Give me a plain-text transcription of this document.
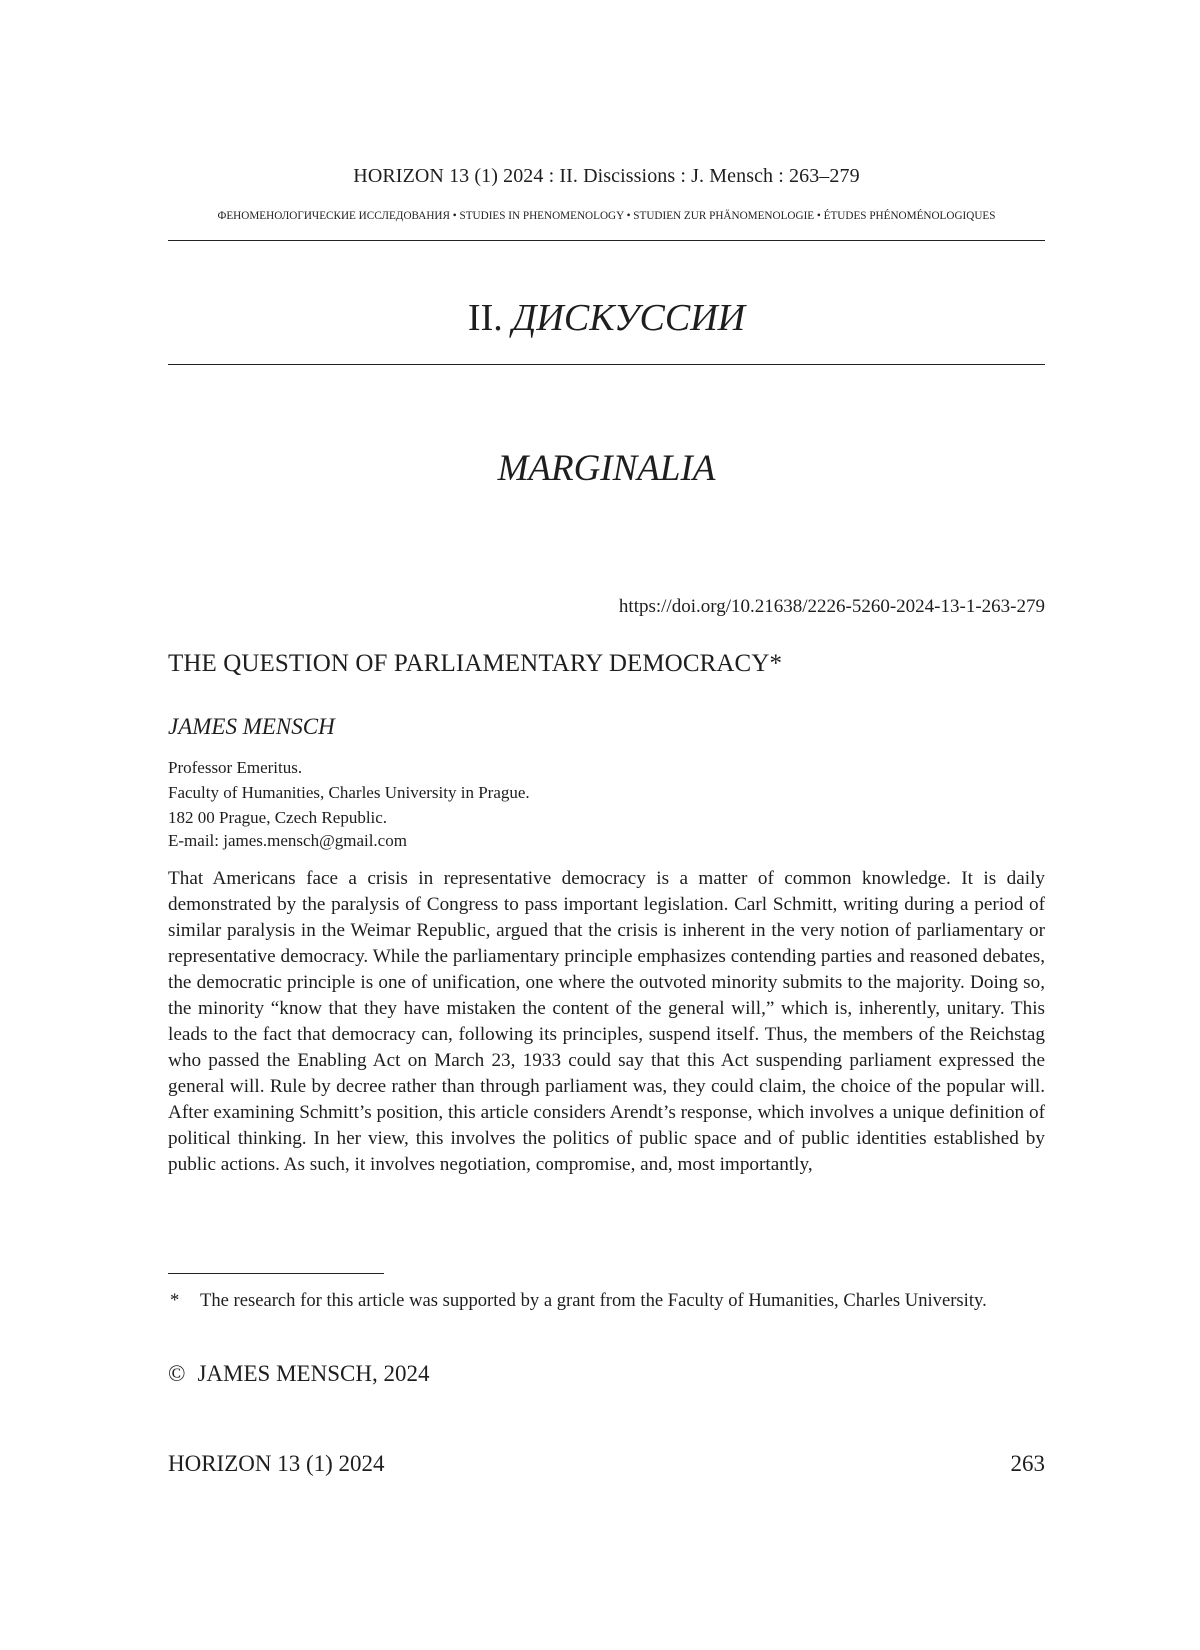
HORIZON 13 (1) 2024 : II. Discissions : J. Mensch : 263–279
ФЕНОМЕНОЛОГИЧЕСКИЕ ИССЛЕДОВАНИЯ • STUDIES IN PHENOMENOLOGY • STUDIEN ZUR PHÄNOMENOLOGIE • ÉTUDES PHÉNOMÉNOLOGIQUES
II. ДИСКУССИИ
MARGINALIA
https://doi.org/10.21638/2226-5260-2024-13-1-263-279
THE QUESTION OF PARLIAMENTARY DEMOCRACY*
JAMES MENSCH
Professor Emeritus.
Faculty of Humanities, Charles University in Prague.
182 00 Prague, Czech Republic.
E-mail: james.mensch@gmail.com
That Americans face a crisis in representative democracy is a matter of common knowledge. It is daily demonstrated by the paralysis of Congress to pass important legislation. Carl Schmitt, writing during a period of similar paralysis in the Weimar Republic, argued that the crisis is inherent in the very notion of parliamentary or representative democracy. While the parliamentary principle emphasizes contending parties and reasoned debates, the democratic principle is one of unification, one where the outvoted minority submits to the majority. Doing so, the minority “know that they have mistaken the content of the general will,” which is, inherently, unitary. This leads to the fact that democracy can, following its principles, suspend itself. Thus, the members of the Reichstag who passed the Enabling Act on March 23, 1933 could say that this Act suspending parliament expressed the general will. Rule by decree rather than through parliament was, they could claim, the choice of the popular will. After examining Schmitt’s position, this article considers Arendt’s response, which involves a unique defini­tion of political thinking. In her view, this involves the politics of public space and of public identities established by public actions. As such, it involves negotiation, compromise, and, most importantly,
* The research for this article was supported by a grant from the Faculty of Humanities, Charles Uni­versity.
© JAMES MENSCH, 2024
HORIZON 13 (1) 2024	263
